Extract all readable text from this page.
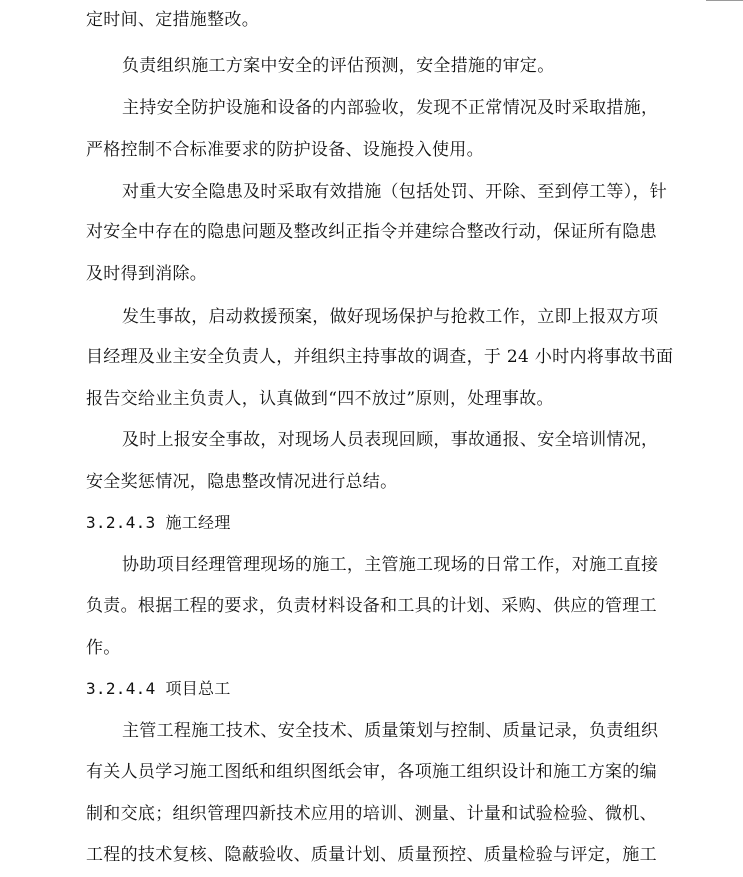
定时间、定措施整改。
负责组织施工方案中安全的评估预测，安全措施的审定。
主持安全防护设施和设备的内部验收，发现不正常情况及时采取措施，
严格控制不合标准要求的防护设备、设施投入使用。
对重大安全隐患及时采取有效措施（包括处罚、开除、至到停工等），针
对安全中存在的隐患问题及整改纠正指令并建综合整改行动，保证所有隐患
及时得到消除。
发生事故，启动救援预案，做好现场保护与抢救工作，立即上报双方项
目经理及业主安全负责人，并组织主持事故的调查，于 24 小时内将事故书面
报告交给业主负责人，认真做到“四不放过”原则，处理事故。
及时上报安全事故，对现场人员表现回顾，事故通报、安全培训情况，
安全奖惩情况，隐患整改情况进行总结。
3.2.4.3 施工经理
协助项目经理管理现场的施工，主管施工现场的日常工作，对施工直接
负责。根据工程的要求，负责材料设备和工具的计划、采购、供应的管理工
作。
3.2.4.4 项目总工
主管工程施工技术、安全技术、质量策划与控制、质量记录，负责组织
有关人员学习施工图纸和组织图纸会审，各项施工组织设计和施工方案的编
制和交底；组织管理四新技术应用的培训、测量、计量和试验检验、微机、
工程的技术复核、隐蔽验收、质量计划、质量预控、质量检验与评定，施工
